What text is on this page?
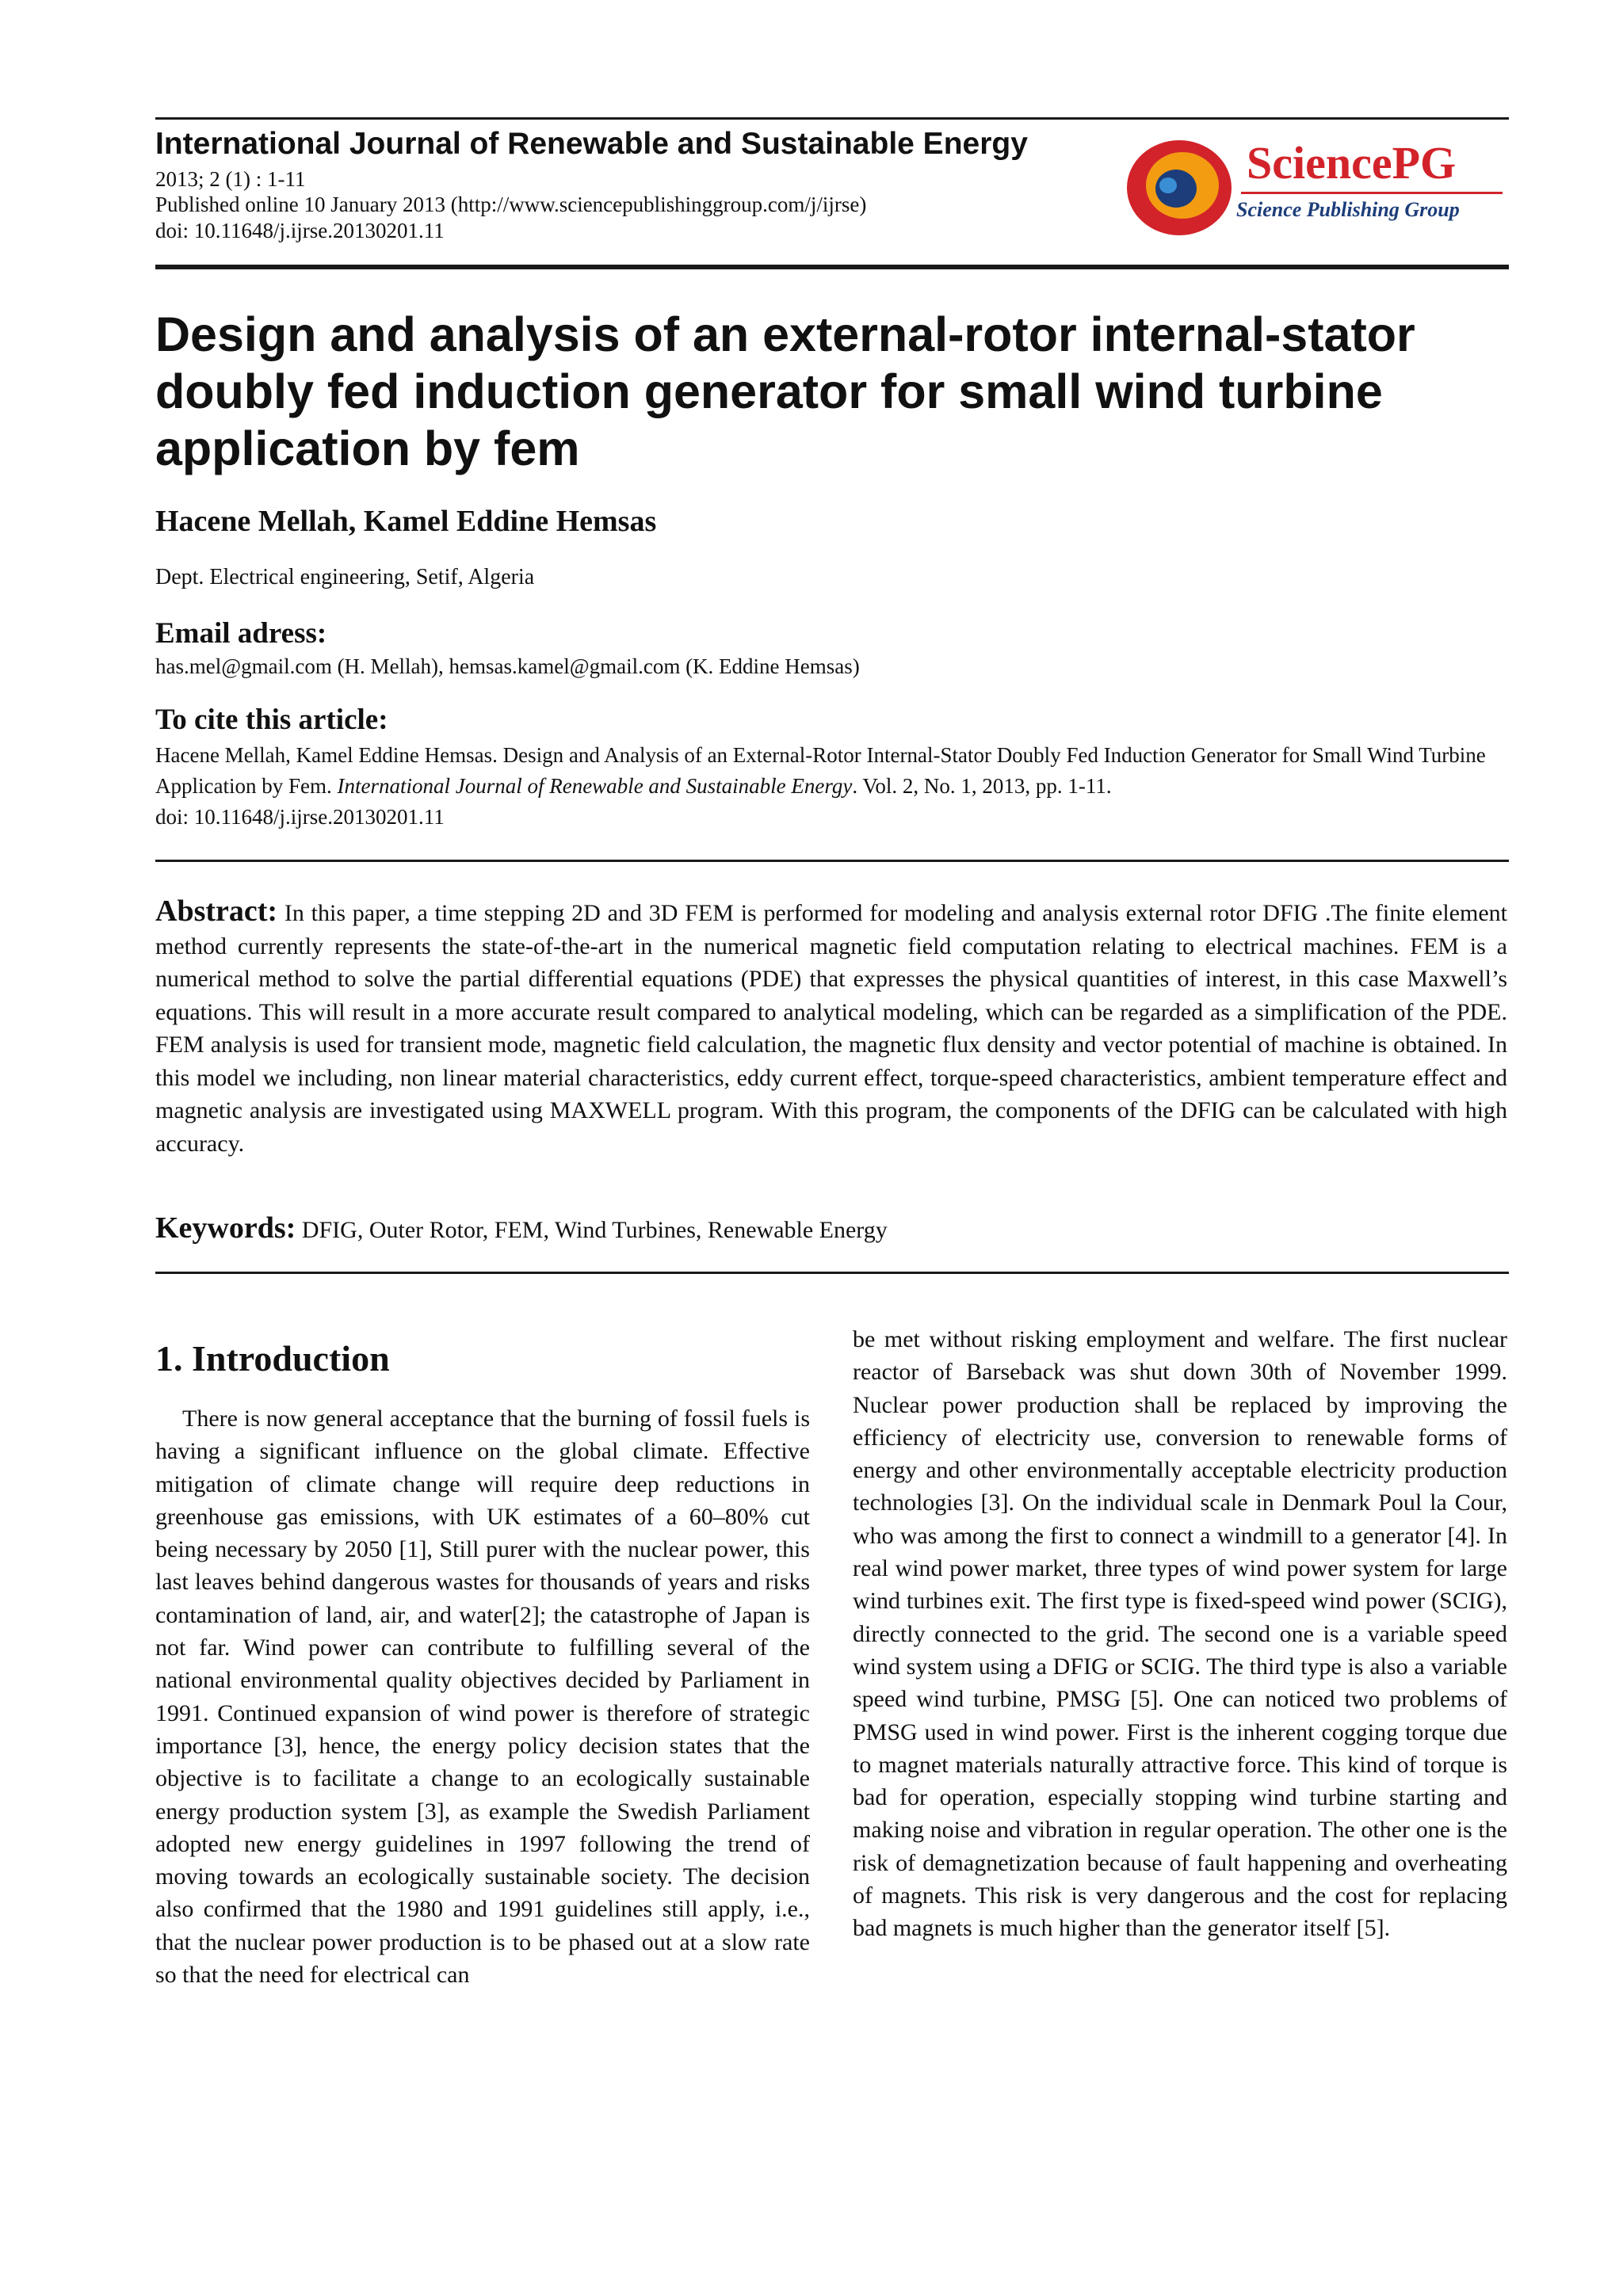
International Journal of Renewable and Sustainable Energy
2013; 2 (1) : 1-11
Published online 10 January 2013 (http://www.sciencepublishinggroup.com/j/ijrse)
doi: 10.11648/j.ijrse.20130201.11
SciencePG
Science Publishing Group
Design and analysis of an external-rotor internal-stator doubly fed induction generator for small wind turbine application by fem
Hacene Mellah, Kamel Eddine Hemsas
Dept. Electrical engineering, Setif, Algeria
Email adress:
has.mel@gmail.com (H. Mellah), hemsas.kamel@gmail.com (K. Eddine Hemsas)
To cite this article:
Hacene Mellah, Kamel Eddine Hemsas. Design and Analysis of an External-Rotor Internal-Stator Doubly Fed Induction Generator for Small Wind Turbine Application by Fem. International Journal of Renewable and Sustainable Energy. Vol. 2, No. 1, 2013, pp. 1-11.
doi: 10.11648/j.ijrse.20130201.11
Abstract: In this paper, a time stepping 2D and 3D FEM is performed for modeling and analysis external rotor DFIG .The finite element method currently represents the state-of-the-art in the numerical magnetic field computation relating to electrical machines. FEM is a numerical method to solve the partial differential equations (PDE) that expresses the physical quantities of interest, in this case Maxwell’s equations. This will result in a more accurate result compared to analytical modeling, which can be regarded as a simplification of the PDE. FEM analysis is used for transient mode, magnetic field calculation, the magnetic flux density and vector potential of machine is obtained. In this model we including, non linear material characteristics, eddy current effect, torque-speed characteristics, ambient temperature effect and magnetic analysis are investigated using MAXWELL program. With this program, the components of the DFIG can be calculated with high accuracy.
Keywords: DFIG, Outer Rotor, FEM, Wind Turbines, Renewable Energy
1. Introduction
There is now general acceptance that the burning of fossil fuels is having a significant influence on the global climate. Effective mitigation of climate change will require deep reductions in greenhouse gas emissions, with UK estimates of a 60–80% cut being necessary by 2050 [1], Still purer with the nuclear power, this last leaves behind dangerous wastes for thousands of years and risks contamination of land, air, and water[2]; the catastrophe of Japan is not far. Wind power can contribute to fulfilling several of the national environmental quality objectives decided by Parliament in 1991. Continued expansion of wind power is therefore of strategic importance [3], hence, the energy policy decision states that the objective is to facilitate a change to an ecologically sustainable energy production system [3], as example the Swedish Parliament adopted new energy guidelines in 1997 following the trend of moving towards an ecologically sustainable society. The decision also confirmed that the 1980 and 1991 guidelines still apply, i.e., that the nuclear power production is to be phased out at a slow rate so that the need for electrical can
be met without risking employment and welfare. The first nuclear reactor of Barseback was shut down 30th of November 1999. Nuclear power production shall be replaced by improving the efficiency of electricity use, conversion to renewable forms of energy and other environmentally acceptable electricity production technologies [3]. On the individual scale in Denmark Poul la Cour, who was among the first to connect a windmill to a generator [4]. In real wind power market, three types of wind power system for large wind turbines exit. The first type is fixed-speed wind power (SCIG), directly connected to the grid. The second one is a variable speed wind system using a DFIG or SCIG. The third type is also a variable speed wind turbine, PMSG [5]. One can noticed two problems of PMSG used in wind power. First is the inherent cogging torque due to magnet materials naturally attractive force. This kind of torque is bad for operation, especially stopping wind turbine starting and making noise and vibration in regular operation. The other one is the risk of demagnetization because of fault happening and overheating of magnets. This risk is very dangerous and the cost for replacing bad magnets is much higher than the generator itself [5].
